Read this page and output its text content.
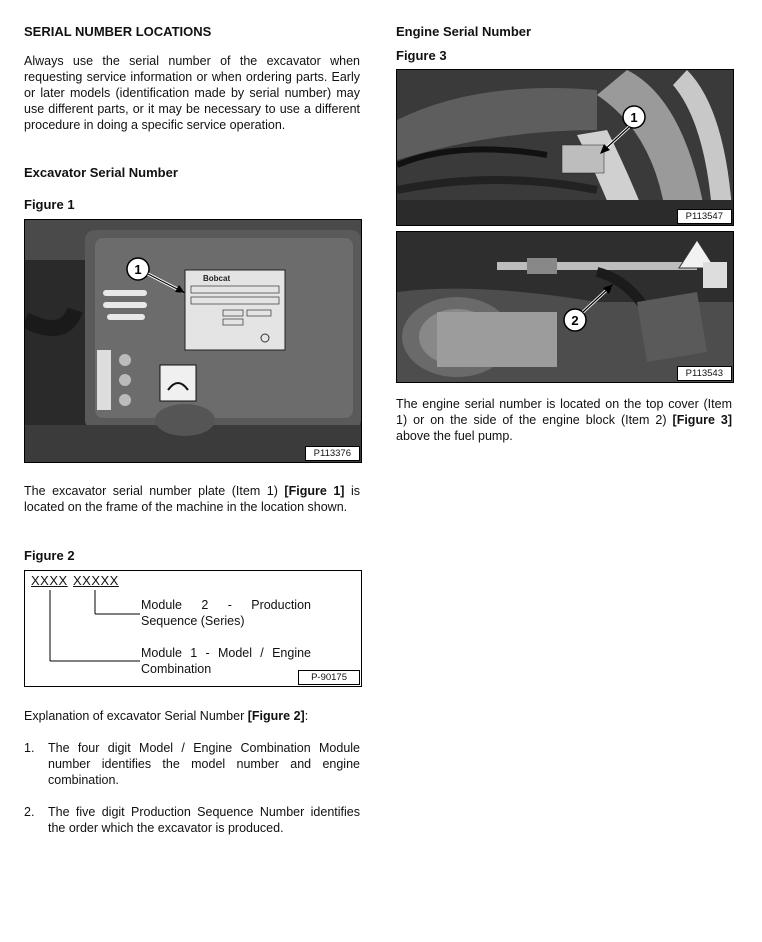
SERIAL NUMBER LOCATIONS

Always use the serial number of the excavator when requesting service information or when ordering parts. Early or later models (identification made by serial number) may use different parts, or it may be necessary to use a different procedure in doing a specific service operation.

Excavator Serial Number

Figure 1

Bobcat
1
P113376

The excavator serial number plate (Item 1) [Figure 1] is located on the frame of the machine in the location shown.

Figure 2

XXXX XXXXX
Module 2 - Production Sequence (Series)
Module 1 - Model / Engine Combination
P-90175

Explanation of excavator Serial Number [Figure 2]:

1. The four digit Model / Engine Combination Module number identifies the model number and engine combination.
2. The five digit Production Sequence Number identifies the order which the excavator is produced.

Engine Serial Number

Figure 3

1
P113547
2
P113543

The engine serial number is located on the top cover (Item 1) or on the side of the engine block (Item 2) [Figure 3] above the fuel pump.
